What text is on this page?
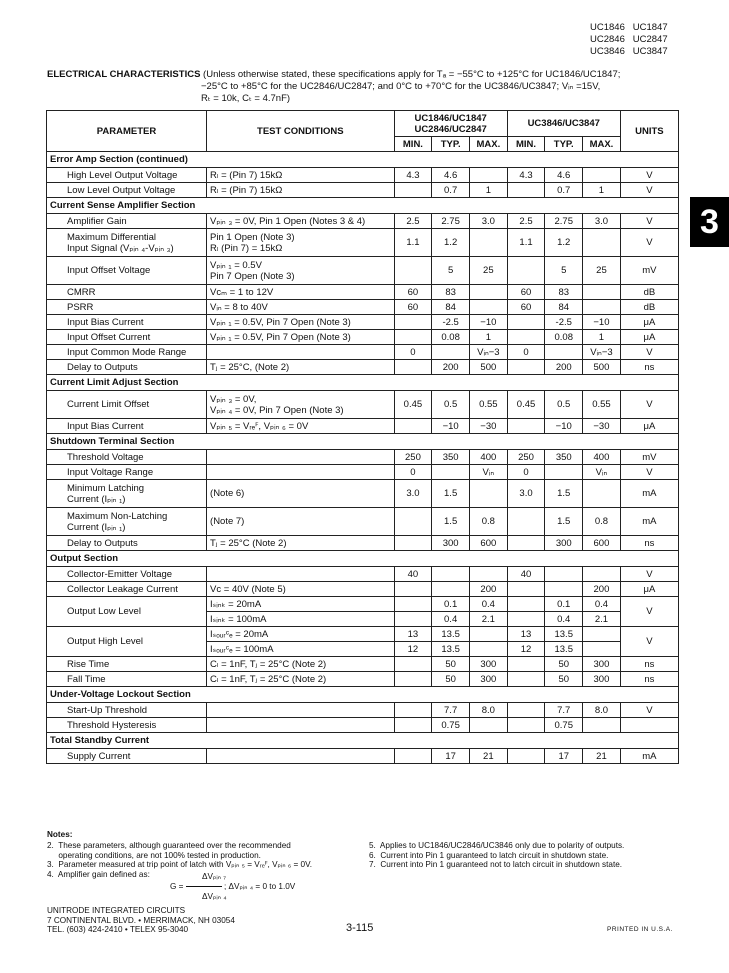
UC1846   UC1847
UC2846   UC2847
UC3846   UC3847
ELECTRICAL CHARACTERISTICS (Unless otherwise stated, these specifications apply for Tₐ = −55°C to +125°C for UC1846/UC1847;
−25°C to +85°C for the UC2846/UC2847; and 0°C to +70°C for the UC3846/UC3847; Vᵢₙ =15V,
Rₜ = 10k, Cₜ = 4.7nF)
3
PARAMETER	TEST CONDITIONS	UC1846/UC1847
UC2846/UC2847			UC3846/UC3847			UNITS
		MIN.	TYP.	MAX.	MIN.	TYP.	MAX.	
Error Amp Section (continued)								
High Level Output Voltage	Rₗ = (Pin 7) 15kΩ	4.3	4.6		4.3	4.6		V
Low Level Output Voltage	Rₗ = (Pin 7) 15kΩ		0.7	1		0.7	1	V
Current Sense Amplifier Section								
Amplifier Gain	Vₚᵢₙ ₃ = 0V, Pin 1 Open (Notes 3 & 4)	2.5	2.75	3.0	2.5	2.75	3.0	V
Maximum Differential
Input Signal (Vₚᵢₙ ₄-Vₚᵢₙ ₃)	Pin 1 Open (Note 3)
Rₗ (Pin 7) = 15kΩ	1.1	1.2		1.1	1.2		V
Input Offset Voltage	Vₚᵢₙ ₁ = 0.5V
Pin 7 Open (Note 3)		5	25		5	25	mV
CMRR	Vᴄₘ = 1 to 12V	60	83		60	83		dB
PSRR	Vᵢₙ = 8 to 40V	60	84		60	84		dB
Input Bias Current	Vₚᵢₙ ₁ = 0.5V, Pin 7 Open (Note 3)		-2.5	−10		-2.5	−10	μA
Input Offset Current	Vₚᵢₙ ₁ = 0.5V, Pin 7 Open (Note 3)		0.08	1		0.08	1	μA
Input Common Mode Range		0		Vᵢₙ−3	0		Vᵢₙ−3	V
Delay to Outputs	Tⱼ = 25°C, (Note 2)		200	500		200	500	ns
Current Limit Adjust Section								
Current Limit Offset	Vₚᵢₙ ₃ = 0V,
Vₚᵢₙ ₄ = 0V, Pin 7 Open (Note 3)	0.45	0.5	0.55	0.45	0.5	0.55	V
Input Bias Current	Vₚᵢₙ ₅ = Vᵣₑꟳ, Vₚᵢₙ ₆ = 0V		−10	−30		−10	−30	μA
Shutdown Terminal Section								
Threshold Voltage		250	350	400	250	350	400	mV
Input Voltage Range		0		Vᵢₙ	0		Vᵢₙ	V
Minimum Latching
Current (Iₚᵢₙ ₁)	(Note 6)	3.0	1.5		3.0	1.5		mA
Maximum Non-Latching
Current (Iₚᵢₙ ₁)	(Note 7)		1.5	0.8		1.5	0.8	mA
Delay to Outputs	Tⱼ = 25°C (Note 2)		300	600		300	600	ns
Output Section								
Collector-Emitter Voltage		40			40			V
Collector Leakage Current	Vᴄ = 40V (Note 5)			200			200	μA
Output Low Level	Iₛᵢₙₖ = 20mA		0.1	0.4		0.1	0.4	V
	Iₛᵢₙₖ = 100mA		0.4	2.1		0.4	2.1	
Output High Level	Iₛₒᵤᵣᶜₑ = 20mA	13	13.5		13	13.5		V
	Iₛₒᵤᵣᶜₑ = 100mA	12	13.5		12	13.5		
Rise Time	Cₗ = 1nF, Tⱼ = 25°C (Note 2)		50	300		50	300	ns
Fall Time	Cₗ = 1nF, Tⱼ = 25°C (Note 2)		50	300		50	300	ns
Under-Voltage Lockout Section								
Start-Up Threshold			7.7	8.0		7.7	8.0	V
Threshold Hysteresis			0.75			0.75		
Total Standby Current								
Supply Current			17	21		17	21	mA
Notes:
2.  These parameters, although guaranteed over the recommended
operating conditions, are not 100% tested in production.
3.  Parameter measured at trip point of latch with Vₚᵢₙ ₅ = Vᵣₑꟳ, Vₚᵢₙ ₆ = 0V.
4.  Amplifier gain defined as:	ΔVₚᵢₙ ₇
G =	; ΔVₚᵢₙ ₄ = 0 to 1.0V
ΔVₚᵢₙ ₄
5.  Applies to UC1846/UC2846/UC3846 only due to polarity of outputs.
6.  Current into Pin 1 guaranteed to latch circuit in shutdown state.
7.  Current into Pin 1 guaranteed not to latch circuit in shutdown state.
UNITRODE INTEGRATED CIRCUITS
7 CONTINENTAL BLVD. • MERRIMACK, NH 03054
TEL. (603) 424-2410 • TELEX 95-3040	3-115	PRINTED IN U.S.A.
